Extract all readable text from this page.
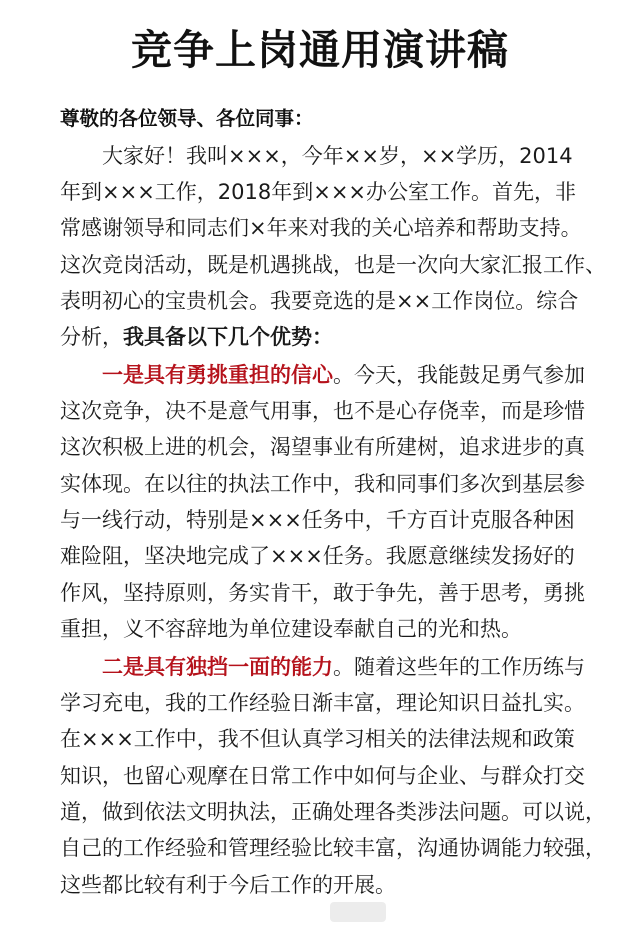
竞争上岗通用演讲稿
尊敬的各位领导、各位同事：
大家好！我叫×××，今年××岁，××学历，2014
年到×××工作，2018年到×××办公室工作。首先，非
常感谢领导和同志们×年来对我的关心培养和帮助支持。
这次竞岗活动，既是机遇挑战，也是一次向大家汇报工作、
表明初心的宝贵机会。我要竞选的是××工作岗位。综合
分析，我具备以下几个优势：
一是具有勇挑重担的信心。今天，我能鼓足勇气参加
这次竞争，决不是意气用事，也不是心存侥幸，而是珍惜
这次积极上进的机会，渴望事业有所建树，追求进步的真
实体现。在以往的执法工作中，我和同事们多次到基层参
与一线行动，特别是×××任务中，千方百计克服各种困
难险阻，坚决地完成了×××任务。我愿意继续发扬好的
作风，坚持原则，务实肯干，敢于争先，善于思考，勇挑
重担，义不容辞地为单位建设奉献自己的光和热。
二是具有独挡一面的能力。随着这些年的工作历练与
学习充电，我的工作经验日渐丰富，理论知识日益扎实。
在×××工作中，我不但认真学习相关的法律法规和政策
知识，也留心观摩在日常工作中如何与企业、与群众打交
道，做到依法文明执法，正确处理各类涉法问题。可以说，
自己的工作经验和管理经验比较丰富，沟通协调能力较强，
这些都比较有利于今后工作的开展。
